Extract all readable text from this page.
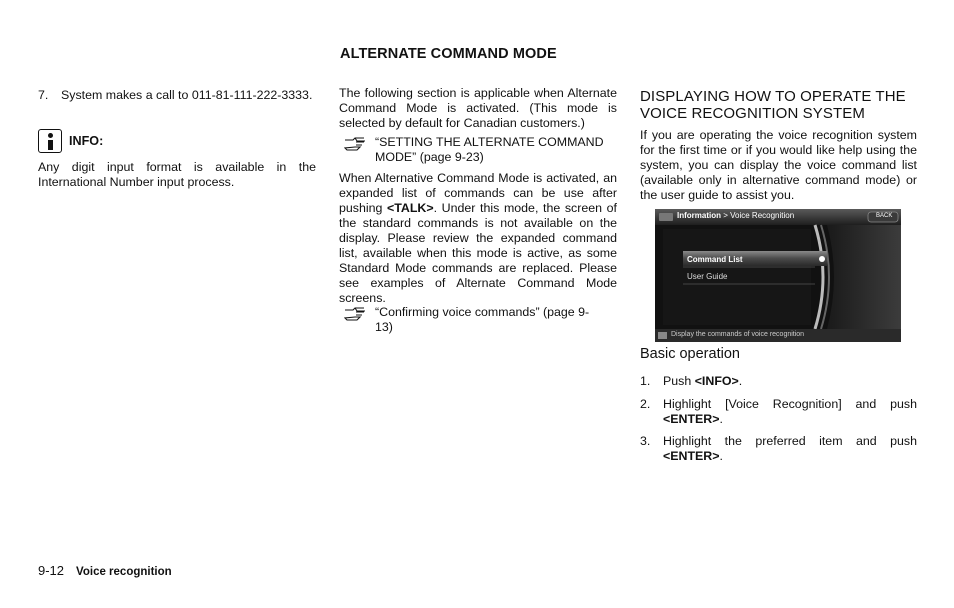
ALTERNATE COMMAND MODE
7. System makes a call to 011-81-111-222-3333.
INFO:
Any digit input format is available in the International Number input process.
The following section is applicable when Alternate Command Mode is activated. (This mode is selected by default for Canadian customers.)
“SETTING THE ALTERNATE COMMAND MODE” (page 9-23)
When Alternative Command Mode is activated, an expanded list of commands can be use after pushing <TALK>. Under this mode, the screen of the standard commands is not available on the display. Please review the expanded command list, available when this mode is active, as some Standard Mode commands are replaced. Please see examples of Alternate Command Mode screens.
“Confirming voice commands” (page 9-13)
DISPLAYING HOW TO OPERATE THE VOICE RECOGNITION SYSTEM
If you are operating the voice recognition system for the first time or if you would like help using the system, you can display the voice command list (available only in alternative command mode) or the user guide to assist you.
Information > Voice Recognition	BACK
Command List
User Guide
Display the commands of voice recognition
Basic operation
1. Push <INFO>.
2. Highlight [Voice Recognition] and push <ENTER>.
3. Highlight the preferred item and push <ENTER>.
9-12 Voice recognition
